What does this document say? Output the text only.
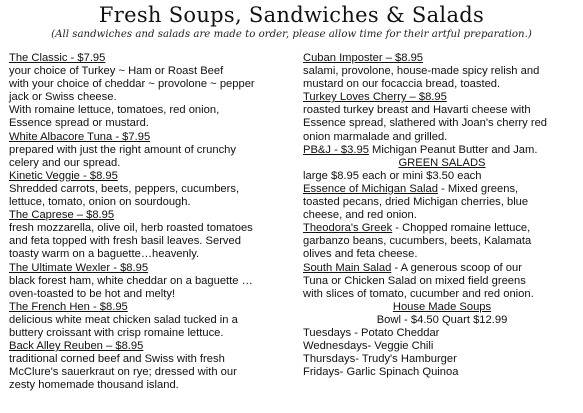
Fresh Soups, Sandwiches & Salads
(All sandwiches and salads are made to order, please allow time for their artful preparation.)
The Classic - $7.95
your choice of Turkey ~ Ham or Roast Beef
with your choice of cheddar ~ provolone ~ pepper
jack or Swiss cheese.
With romaine lettuce, tomatoes, red onion,
Essence spread or mustard.
White Albacore Tuna - $7.95
prepared with just the right amount of crunchy
celery and our spread.
Kinetic Veggie - $8.95
Shredded carrots, beets, peppers, cucumbers,
lettuce, tomato, onion on sourdough.
The Caprese – $8.95
fresh mozzarella, olive oil, herb roasted tomatoes
and feta topped with fresh basil leaves. Served
toasty warm on a baguette…heavenly.
The Ultimate Wexler - $8.95
black forest ham, white cheddar on a baguette …
oven-toasted to be hot and melty!
The French Hen - $8.95
delicious white meat chicken salad tucked in a
buttery croissant with crisp romaine lettuce.
Back Alley Reuben – $8.95
traditional corned beef and Swiss with fresh
McClure's sauerkraut on rye; dressed with our
zesty homemade thousand island.
Cuban Imposter – $8.95
salami, provolone, house-made spicy relish and
mustard on our focaccia bread, toasted.
Turkey Loves Cherry – $8.95
roasted turkey breast and Havarti cheese with
Essence spread, slathered with Joan's cherry red
onion marmalade and grilled.
PB&J - $3.95 Michigan Peanut Butter and Jam.
GREEN SALADS
large $8.95 each or mini $3.50 each
Essence of Michigan Salad - Mixed greens,
toasted pecans, dried Michigan cherries, blue
cheese, and red onion.
Theodora's Greek - Chopped romaine lettuce,
garbanzo beans, cucumbers, beets, Kalamata
olives and feta cheese.
South Main Salad - A generous scoop of our
Tuna or Chicken Salad on mixed field greens
with slices of tomato, cucumber and red onion.
House Made Soups
Bowl - $4.50 Quart $12.99
Tuesdays - Potato Cheddar
Wednesdays- Veggie Chili
Thursdays- Trudy's Hamburger
Fridays- Garlic Spinach Quinoa
